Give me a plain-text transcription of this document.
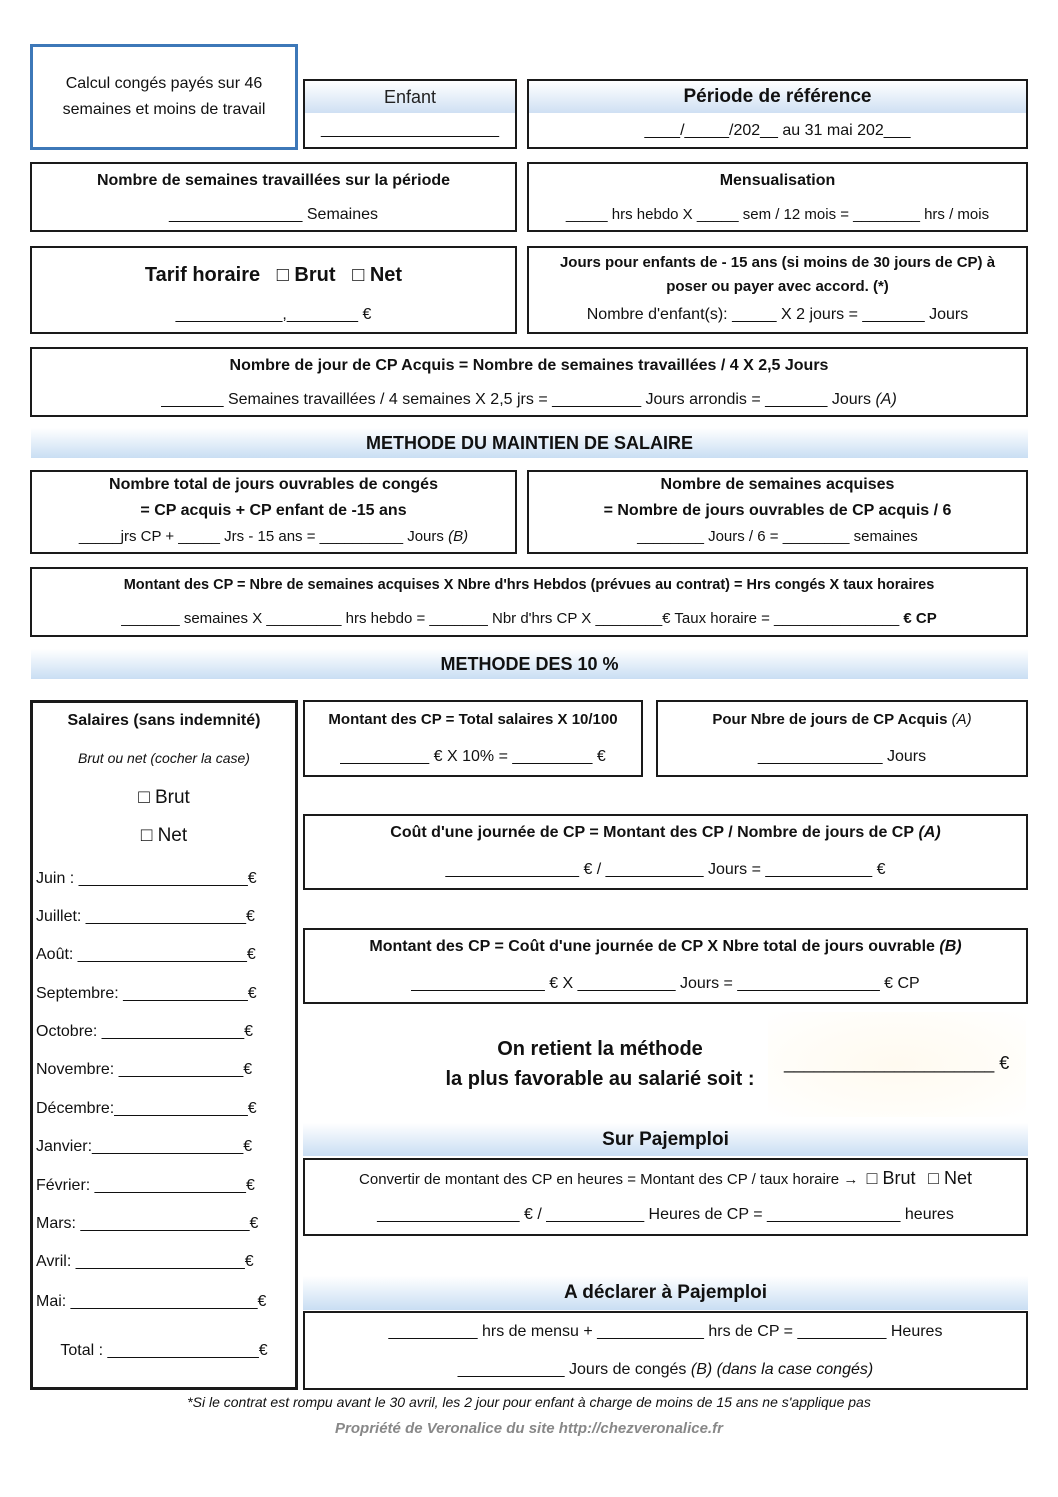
Calcul congés payés sur 46
semaines et moins de travail
Enfant
____________________
Période de référence
____/_____/202__ au 31 mai 202___
Nombre de semaines travaillées sur la période
_______________ Semaines
Mensualisation
_____ hrs hebdo X _____ sem / 12 mois = ________ hrs / mois
Tarif horaire □ Brut □ Net
____________,________ €
Jours pour enfants de - 15 ans (si moins de 30 jours de CP) à
poser ou payer avec accord. (*)
Nombre d'enfant(s): _____ X 2 jours = _______ Jours
Nombre de jour de CP Acquis = Nombre de semaines travaillées / 4 X 2,5 Jours
_______ Semaines travaillées / 4 semaines X 2,5 jrs = __________ Jours arrondis = _______ Jours (A)
METHODE DU MAINTIEN DE SALAIRE
Nombre total de jours ouvrables de congés
= CP acquis + CP enfant de -15 ans
_____jrs CP + _____ Jrs - 15 ans = __________ Jours (B)
Nombre de semaines acquises
= Nombre de jours ouvrables de CP acquis / 6
________ Jours / 6 = ________ semaines
Montant des CP = Nbre de semaines acquises X Nbre d'hrs Hebdos (prévues au contrat) = Hrs congés X taux horaires
_______ semaines X _________ hrs hebdo = _______ Nbr d'hrs CP X ________€ Taux horaire = _______________ € CP
METHODE DES 10 %
Salaires (sans indemnité)
Brut ou net (cocher la case)
□ Brut
□ Net
Juin : ___________________€
Juillet: __________________€
Août: ___________________€
Septembre: ______________€
Octobre: ________________€
Novembre: ______________€
Décembre:_______________€
Janvier:_________________€
Février: _________________€
Mars: ___________________€
Avril: ___________________€
Mai: _____________________€
Total : _________________€
Montant des CP = Total salaires X 10/100
__________ € X 10% = _________ €
Pour Nbre de jours de CP Acquis (A)
______________ Jours
Coût d'une journée de CP = Montant des CP / Nombre de jours de CP (A)
_______________ € / ___________ Jours = ____________ €
Montant des CP = Coût d'une journée de CP X Nbre total de jours ouvrable (B)
_______________ € X ___________ Jours = ________________ € CP
On retient la méthode
la plus favorable au salarié soit :
_____________________ €
Sur Pajemploi
Convertir de montant des CP en heures = Montant des CP / taux horaire → □ Brut □ Net
________________ € / ___________ Heures de CP = _______________ heures
A déclarer à Pajemploi
__________ hrs de mensu + ____________ hrs de CP = __________ Heures
____________ Jours de congés (B) (dans la case congés)
*Si le contrat est rompu avant le 30 avril, les 2 jour pour enfant à charge de moins de 15 ans ne s'applique pas
Propriété de Veronalice du site http://chezveronalice.fr
